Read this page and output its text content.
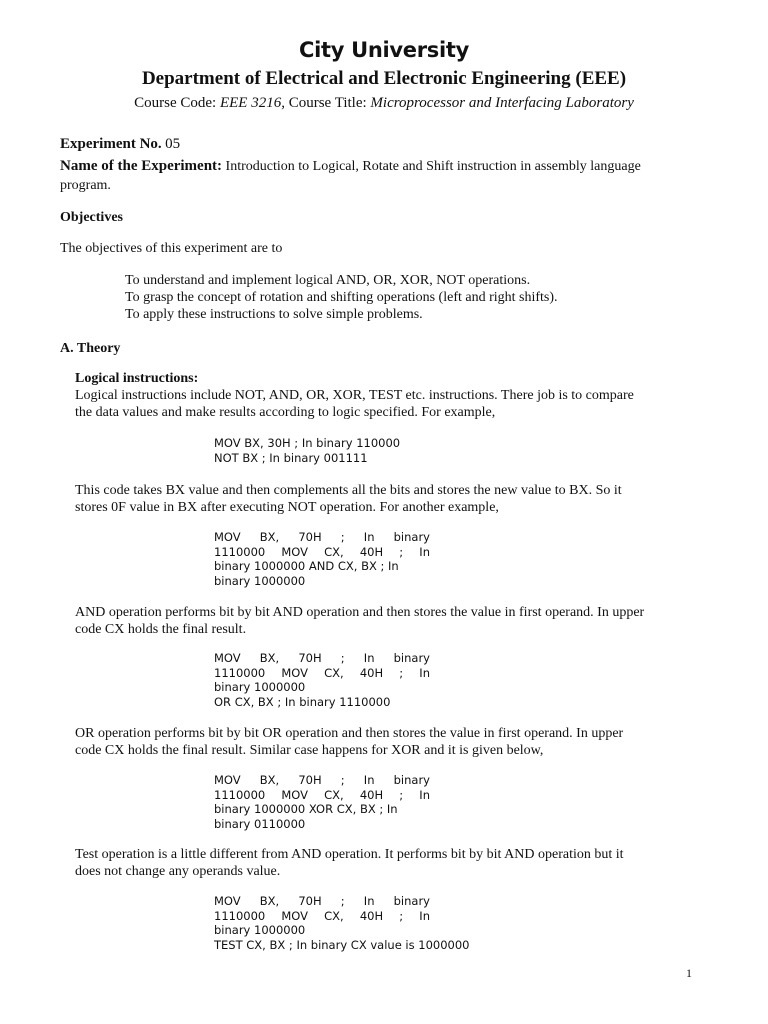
City University
Department of Electrical and Electronic Engineering (EEE)
Course Code: EEE 3216, Course Title: Microprocessor and Interfacing Laboratory
Experiment No. 05
Name of the Experiment: Introduction to Logical, Rotate and Shift instruction in assembly language
program.
Objectives
The objectives of this experiment are to
To understand and implement logical AND, OR, XOR, NOT operations.
To grasp the concept of rotation and shifting operations (left and right shifts).
To apply these instructions to solve simple problems.
A. Theory
Logical instructions:
Logical instructions include NOT, AND, OR, XOR, TEST etc. instructions. There job is to compare
the data values and make results according to logic specified. For example,
MOV BX, 30H ; In binary 110000
NOT BX ; In binary 001111
This code takes BX value and then complements all the bits and stores the new value to BX. So it
stores 0F value in BX after executing NOT operation. For another example,
MOV BX, 70H ; In binary
1110000 MOV CX, 40H ; In
binary 1000000 AND CX, BX ; In
binary 1000000
AND operation performs bit by bit AND operation and then stores the value in first operand. In upper
code CX holds the final result.
MOV BX, 70H ; In binary
1110000 MOV CX, 40H ; In
binary 1000000
OR CX, BX ; In binary 1110000
OR operation performs bit by bit OR operation and then stores the value in first operand. In upper
code CX holds the final result. Similar case happens for XOR and it is given below,
MOV BX, 70H ; In binary
1110000 MOV CX, 40H ; In
binary 1000000 XOR CX, BX ; In
binary 0110000
Test operation is a little different from AND operation. It performs bit by bit AND operation but it
does not change any operands value.
MOV BX, 70H ; In binary
1110000 MOV CX, 40H ; In
binary 1000000
TEST CX, BX ; In binary CX value is 1000000
1
